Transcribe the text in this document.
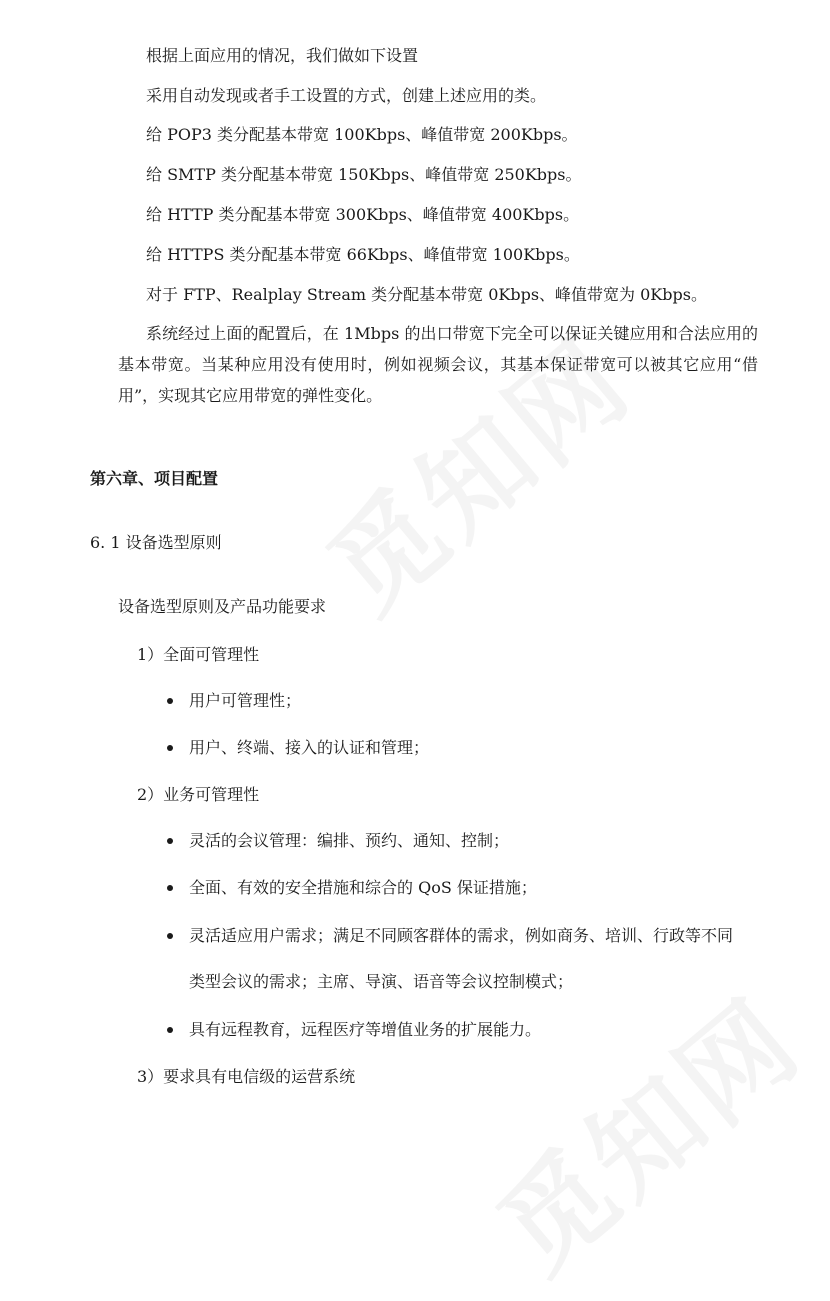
根据上面应用的情况，我们做如下设置
采用自动发现或者手工设置的方式，创建上述应用的类。
给 POP3 类分配基本带宽 100Kbps、峰值带宽 200Kbps。
给 SMTP 类分配基本带宽 150Kbps、峰值带宽 250Kbps。
给 HTTP 类分配基本带宽 300Kbps、峰值带宽 400Kbps。
给 HTTPS 类分配基本带宽 66Kbps、峰值带宽 100Kbps。
对于 FTP、Realplay Stream 类分配基本带宽 0Kbps、峰值带宽为 0Kbps。
系统经过上面的配置后，在 1Mbps 的出口带宽下完全可以保证关键应用和合法应用的基本带宽。当某种应用没有使用时，例如视频会议，其基本保证带宽可以被其它应用“借用”，实现其它应用带宽的弹性变化。
第六章、项目配置
6. 1 设备选型原则
设备选型原则及产品功能要求
1）全面可管理性
用户可管理性；
用户、终端、接入的认证和管理；
2）业务可管理性
灵活的会议管理：编排、预约、通知、控制；
全面、有效的安全措施和综合的 QoS 保证措施；
灵活适应用户需求；满足不同顾客群体的需求，例如商务、培训、行政等不同
类型会议的需求；主席、导演、语音等会议控制模式；
具有远程教育，远程医疗等增值业务的扩展能力。
3）要求具有电信级的运营系统
